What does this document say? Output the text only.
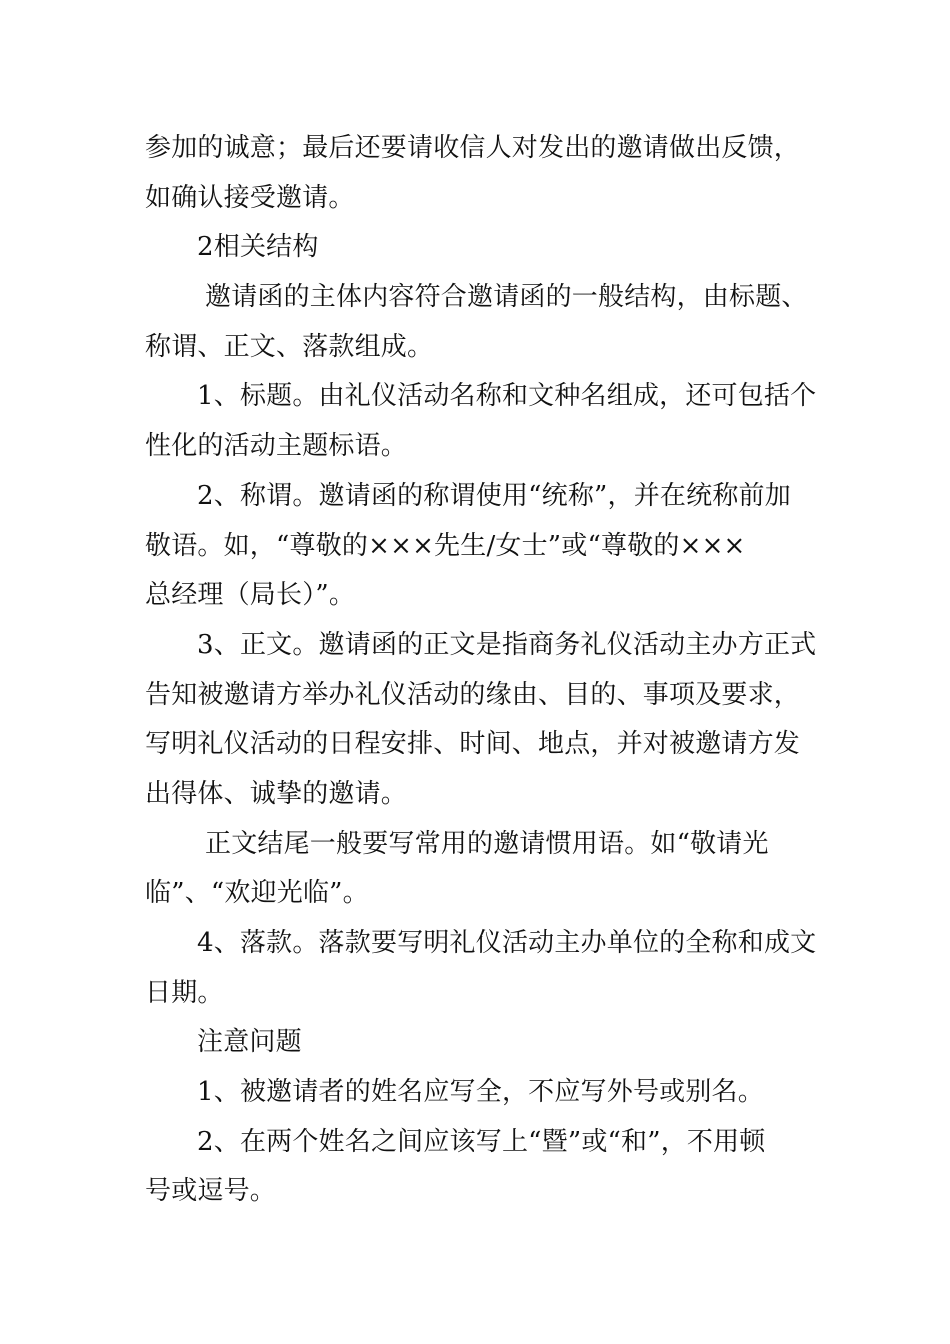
参加的诚意；最后还要请收信人对发出的邀请做出反馈，
如确认接受邀请。
2相关结构
邀请函的主体内容符合邀请函的一般结构，由标题、
称谓、正文、落款组成。
1、标题。由礼仪活动名称和文种名组成，还可包括个
性化的活动主题标语。
2、称谓。邀请函的称谓使用“统称”，并在统称前加
敬语。如，“尊敬的×××先生/女士”或“尊敬的×××
总经理（局长）”。
3、正文。邀请函的正文是指商务礼仪活动主办方正式
告知被邀请方举办礼仪活动的缘由、目的、事项及要求，
写明礼仪活动的日程安排、时间、地点，并对被邀请方发
出得体、诚挚的邀请。
正文结尾一般要写常用的邀请惯用语。如“敬请光
临”、“欢迎光临”。
4、落款。落款要写明礼仪活动主办单位的全称和成文
日期。
注意问题
1、被邀请者的姓名应写全，不应写外号或别名。
2、在两个姓名之间应该写上“暨”或“和”，不用顿
号或逗号。
